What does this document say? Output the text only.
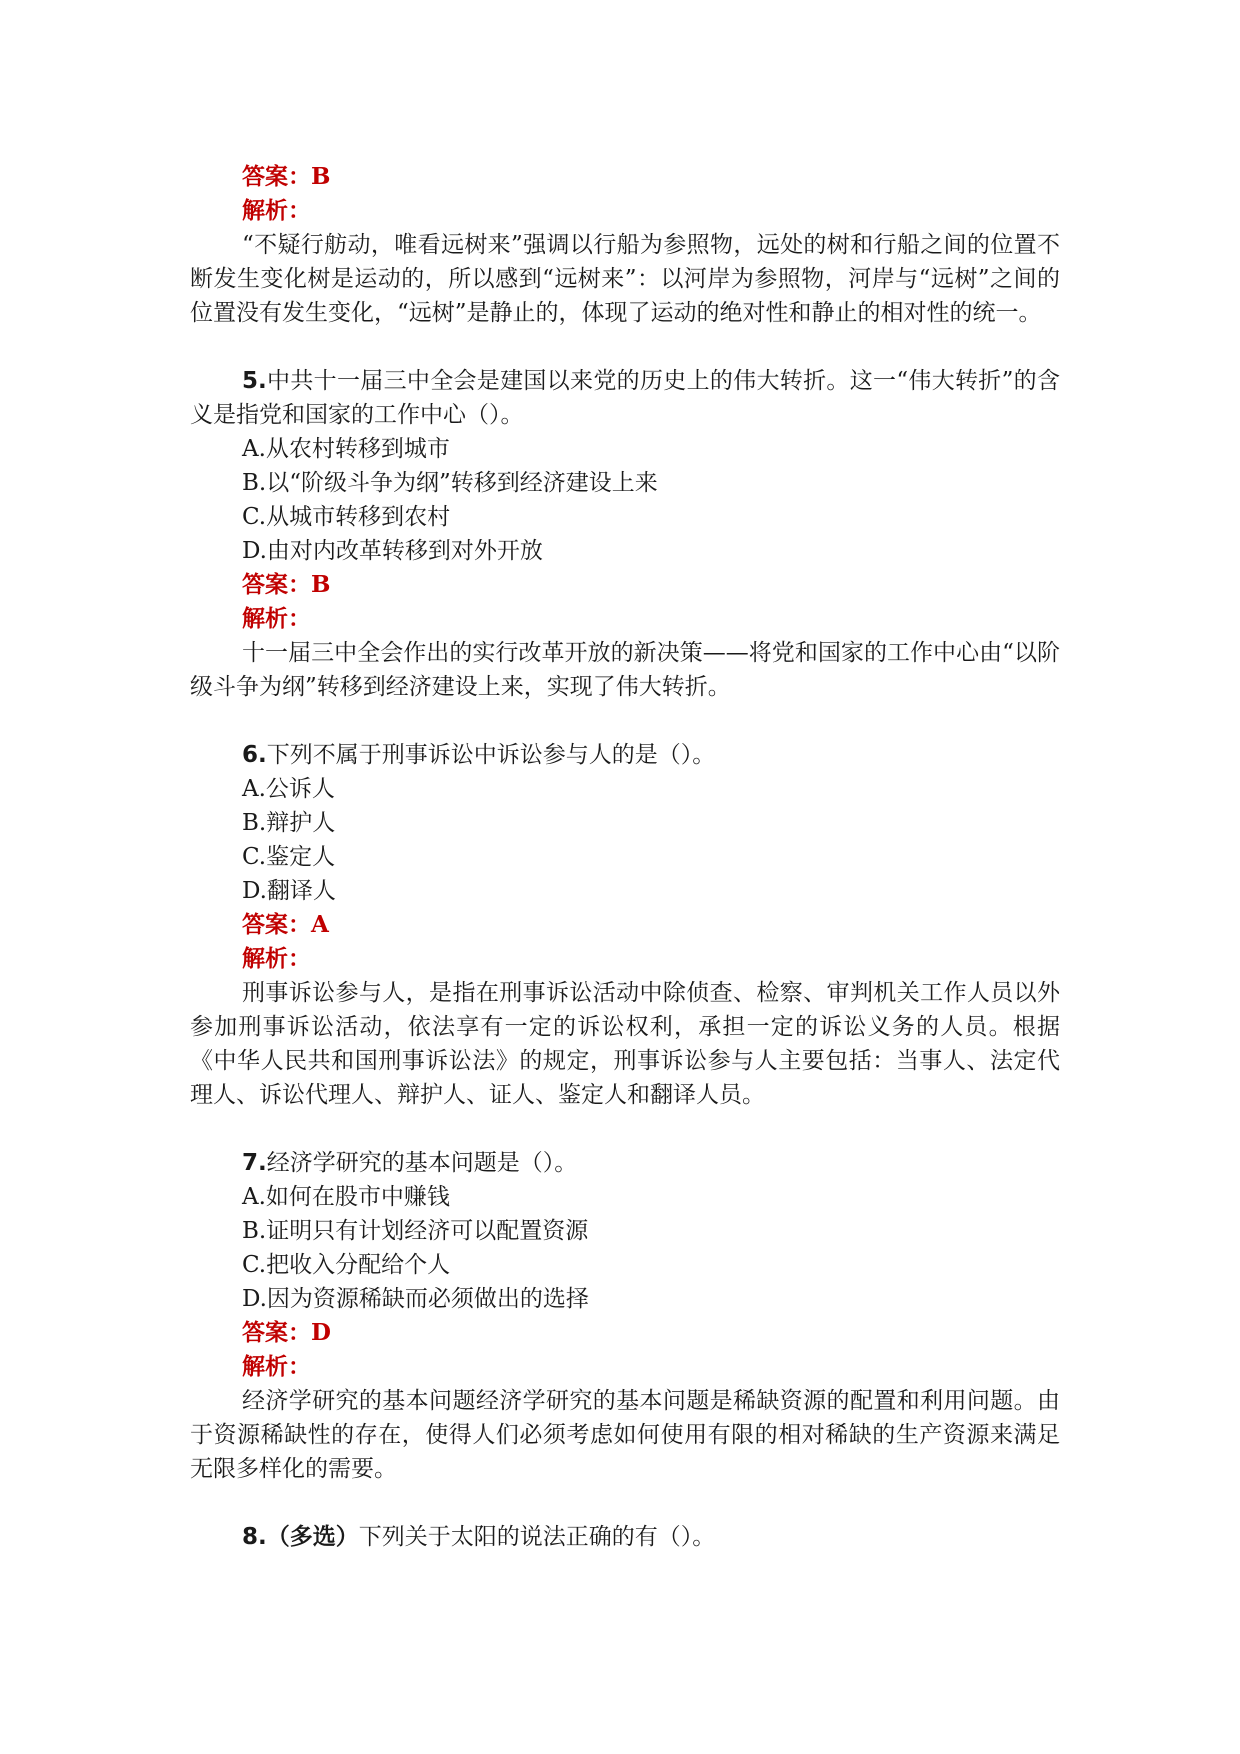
答案：B

解析：

“不疑行舫动，唯看远树来”强调以行船为参照物，远处的树和行船之间的位置不断发生变化树是运动的，所以感到“远树来”：以河岸为参照物，河岸与“远树”之间的位置没有发生变化，“远树”是静止的，体现了运动的绝对性和静止的相对性的统一。

5.中共十一届三中全会是建国以来党的历史上的伟大转折。这一“伟大转折”的含义是指党和国家的工作中心（）。

A.从农村转移到城市

B.以“阶级斗争为纲”转移到经济建设上来

C.从城市转移到农村

D.由对内改革转移到对外开放

答案：B

解析：

十一届三中全会作出的实行改革开放的新决策——将党和国家的工作中心由“以阶级斗争为纲”转移到经济建设上来，实现了伟大转折。

6.下列不属于刑事诉讼中诉讼参与人的是（）。

A.公诉人

B.辩护人

C.鉴定人

D.翻译人

答案：A

解析：

刑事诉讼参与人，是指在刑事诉讼活动中除侦查、检察、审判机关工作人员以外参加刑事诉讼活动，依法享有一定的诉讼权利，承担一定的诉讼义务的人员。根据《中华人民共和国刑事诉讼法》的规定，刑事诉讼参与人主要包括：当事人、法定代理人、诉讼代理人、辩护人、证人、鉴定人和翻译人员。

7.经济学研究的基本问题是（）。

A.如何在股市中赚钱

B.证明只有计划经济可以配置资源

C.把收入分配给个人

D.因为资源稀缺而必须做出的选择

答案：D

解析：

经济学研究的基本问题经济学研究的基本问题是稀缺资源的配置和利用问题。由于资源稀缺性的存在，使得人们必须考虑如何使用有限的相对稀缺的生产资源来满足无限多样化的需要。

8.（多选）下列关于太阳的说法正确的有（）。
